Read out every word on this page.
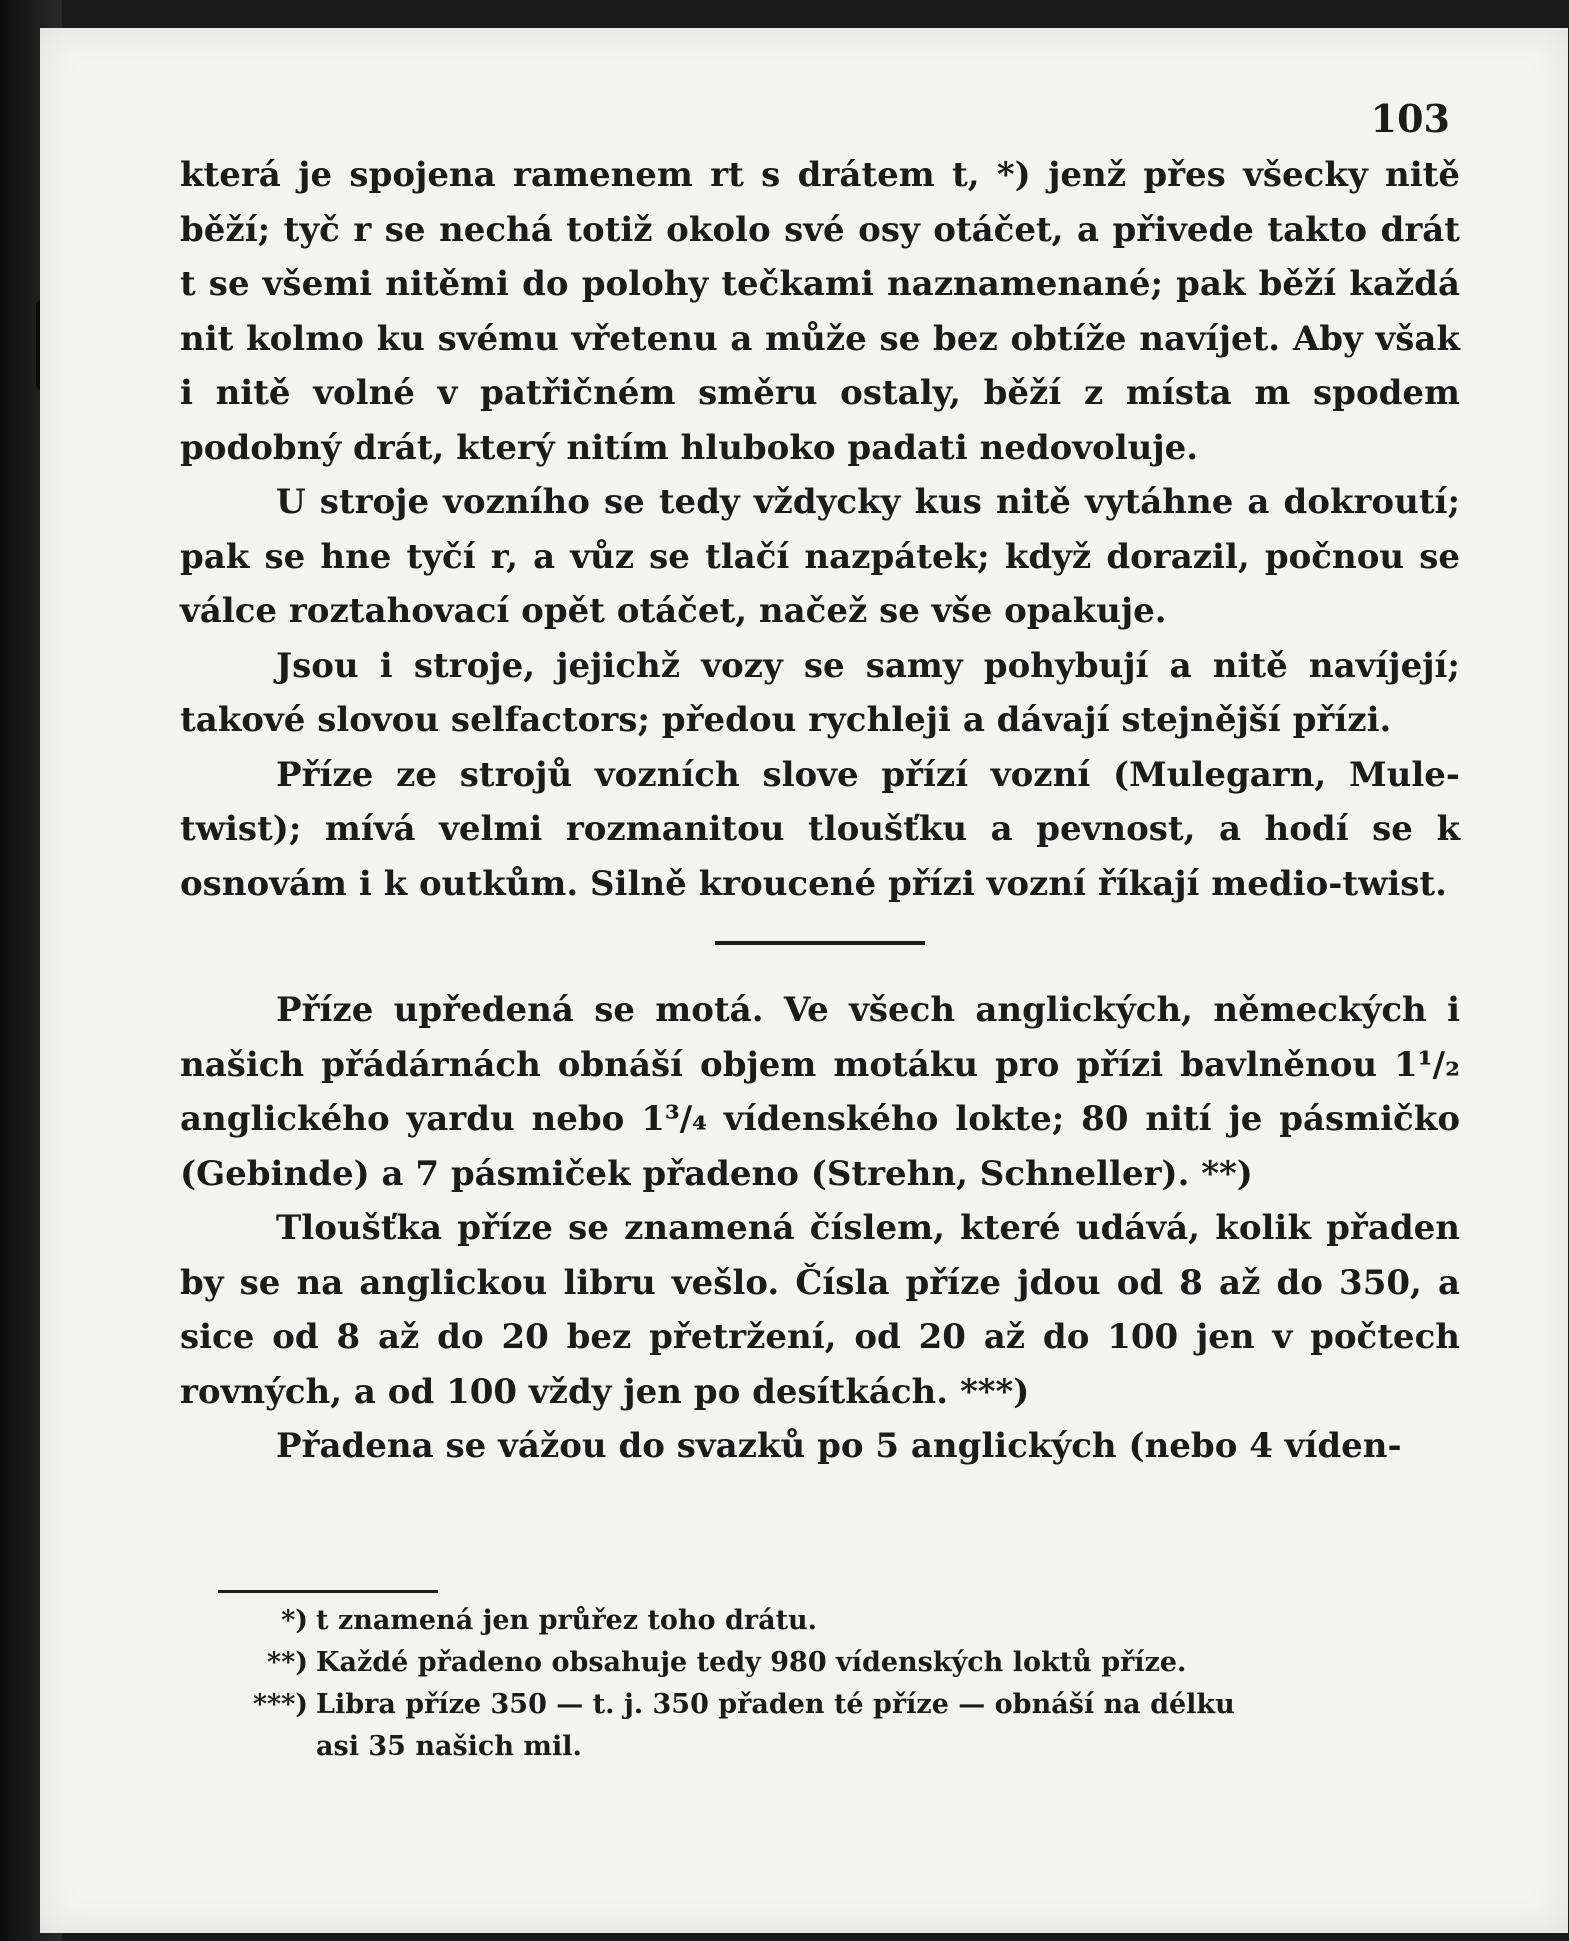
103

která je spojena ramenem rt s drátem t, *) jenž přes všecky nitě běží; tyč r se nechá totiž okolo své osy otáčet, a přivede takto drát t se všemi nitěmi do polohy tečkami naznamenané; pak běží každá nit kolmo ku svému vřetenu a může se bez obtíže navíjet. Aby však i nitě volné v patřičném směru ostaly, běží z místa m spodem podobný drát, který nitím hluboko padati nedovoluje.

U stroje vozního se tedy vždycky kus nitě vytáhne a dokroutí; pak se hne tyčí r, a vůz se tlačí nazpátek; když dorazil, počnou se válce roztahovací opět otáčet, načež se vše opakuje.

Jsou i stroje, jejichž vozy se samy pohybují a nitě navíjejí; takové slovou selfactors; předou rychleji a dávají stejnější přízi.

Příze ze strojů vozních slove přízí vozní (Mulegarn, Mule-twist); mívá velmi rozmanitou tloušťku a pevnost, a hodí se k osnovám i k outkům. Silně kroucené přízi vozní říkají medio-twist.

Příze upředená se motá. Ve všech anglických, německých i našich přádárnách obnáší objem motáku pro přízi bavlněnou 1¹/₂ anglického yardu nebo 1³/₄ vídenského lokte; 80 nití je pásmičko (Gebinde) a 7 pásmiček přadeno (Strehn, Schneller). **)

Tloušťka příze se znamená číslem, které udává, kolik přaden by se na anglickou libru vešlo. Čísla příze jdou od 8 až do 350, a sice od 8 až do 20 bez přetržení, od 20 až do 100 jen v počtech rovných, a od 100 vždy jen po desítkách. ***)

Přadena se vážou do svazků po 5 anglických (nebo 4 víden-

*) t znamená jen průřez toho drátu.
**) Každé přadeno obsahuje tedy 980 vídenských loktů příze.
***) Libra příze 350 — t. j. 350 přaden té příze — obnáší na délku
asi 35 našich mil.
